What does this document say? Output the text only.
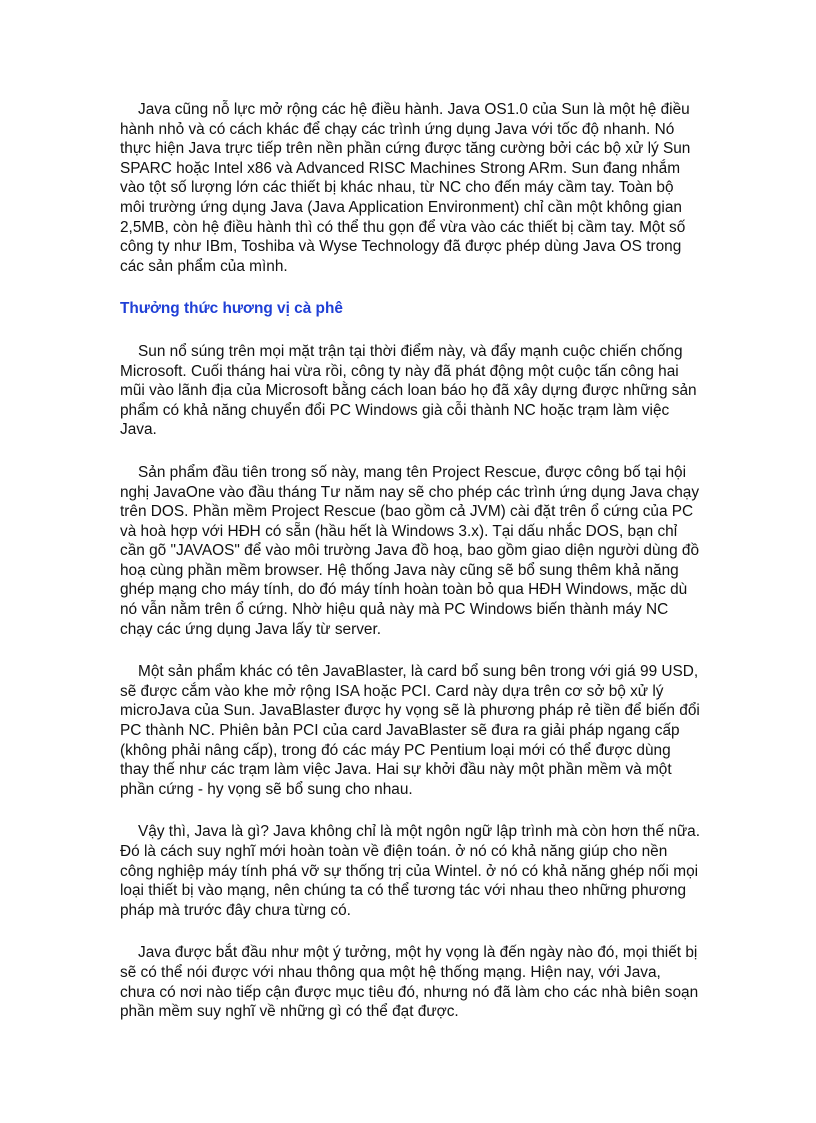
Java cũng nỗ lực mở rộng các hệ điều hành. Java OS1.0 của Sun là một hệ điều hành nhỏ và có cách khác để chạy các trình ứng dụng Java với tốc độ nhanh. Nó thực hiện Java trực tiếp trên nền phần cứng được tăng cường bởi các bộ xử lý Sun SPARC hoặc Intel x86 và Advanced RISC Machines Strong ARm. Sun đang nhắm vào tột số lượng lớn các thiết bị khác nhau, từ NC cho đến máy cầm tay. Toàn bộ môi trường ứng dụng Java (Java Application Environment) chỉ cần một không gian 2,5MB, còn hệ điều hành thì có thể thu gọn để vừa vào các thiết bị cầm tay. Một số công ty như IBm, Toshiba và Wyse Technology đã được phép dùng Java OS trong các sản phẩm của mình.

Thưởng thức hương vị cà phê

Sun nổ súng trên mọi mặt trận tại thời điểm này, và đẩy mạnh cuộc chiến chống Microsoft. Cuối tháng hai vừa rồi, công ty này đã phát động một cuộc tấn công hai mũi vào lãnh địa của Microsoft bằng cách loan báo họ đã xây dựng được những sản phẩm có khả năng chuyển đổi PC Windows già cỗi thành NC hoặc trạm làm việc Java.

Sản phẩm đầu tiên trong số này, mang tên Project Rescue, được công bố tại hội nghị JavaOne vào đầu tháng Tư năm nay sẽ cho phép các trình ứng dụng Java chạy trên DOS. Phần mềm Project Rescue (bao gồm cả JVM) cài đặt trên ổ cứng của PC và hoà hợp với HĐH có sẵn (hầu hết là Windows 3.x). Tại dấu nhắc DOS, bạn chỉ cần gõ "JAVAOS" để vào môi trường Java đồ hoạ, bao gồm giao diện người dùng đồ hoạ cùng phần mềm browser. Hệ thống Java này cũng sẽ bổ sung thêm khả năng ghép mạng cho máy tính, do đó máy tính hoàn toàn bỏ qua HĐH Windows, mặc dù nó vẫn nằm trên ổ cứng. Nhờ hiệu quả này mà PC Windows biến thành máy NC chạy các ứng dụng Java lấy từ server.

Một sản phẩm khác có tên JavaBlaster, là card bổ sung bên trong với giá 99 USD, sẽ được cắm vào khe mở rộng ISA hoặc PCI. Card này dựa trên cơ sở bộ xử lý microJava của Sun. JavaBlaster được hy vọng sẽ là phương pháp rẻ tiền để biến đổi PC thành NC. Phiên bản PCI của card JavaBlaster sẽ đưa ra giải pháp ngang cấp (không phải nâng cấp), trong đó các máy PC Pentium loại mới có thể được dùng thay thế như các trạm làm việc Java. Hai sự khởi đầu này một phần mềm và một phần cứng - hy vọng sẽ bổ sung cho nhau.

Vậy thì, Java là gì? Java không chỉ là một ngôn ngữ lập trình mà còn hơn thế nữa. Đó là cách suy nghĩ mới hoàn toàn về điện toán. ở nó có khả năng giúp cho nền công nghiệp máy tính phá vỡ sự thống trị của Wintel. ở nó có khả năng ghép nối mọi loại thiết bị vào mạng, nên chúng ta có thể tương tác với nhau theo những phương pháp mà trước đây chưa từng có.

Java được bắt đầu như một ý tưởng, một hy vọng là đến ngày nào đó, mọi thiết bị sẽ có thể nói được với nhau thông qua một hệ thống mạng. Hiện nay, với Java, chưa có nơi nào tiếp cận được mục tiêu đó, nhưng nó đã làm cho các nhà biên soạn phần mềm suy nghĩ về những gì có thể đạt được.
